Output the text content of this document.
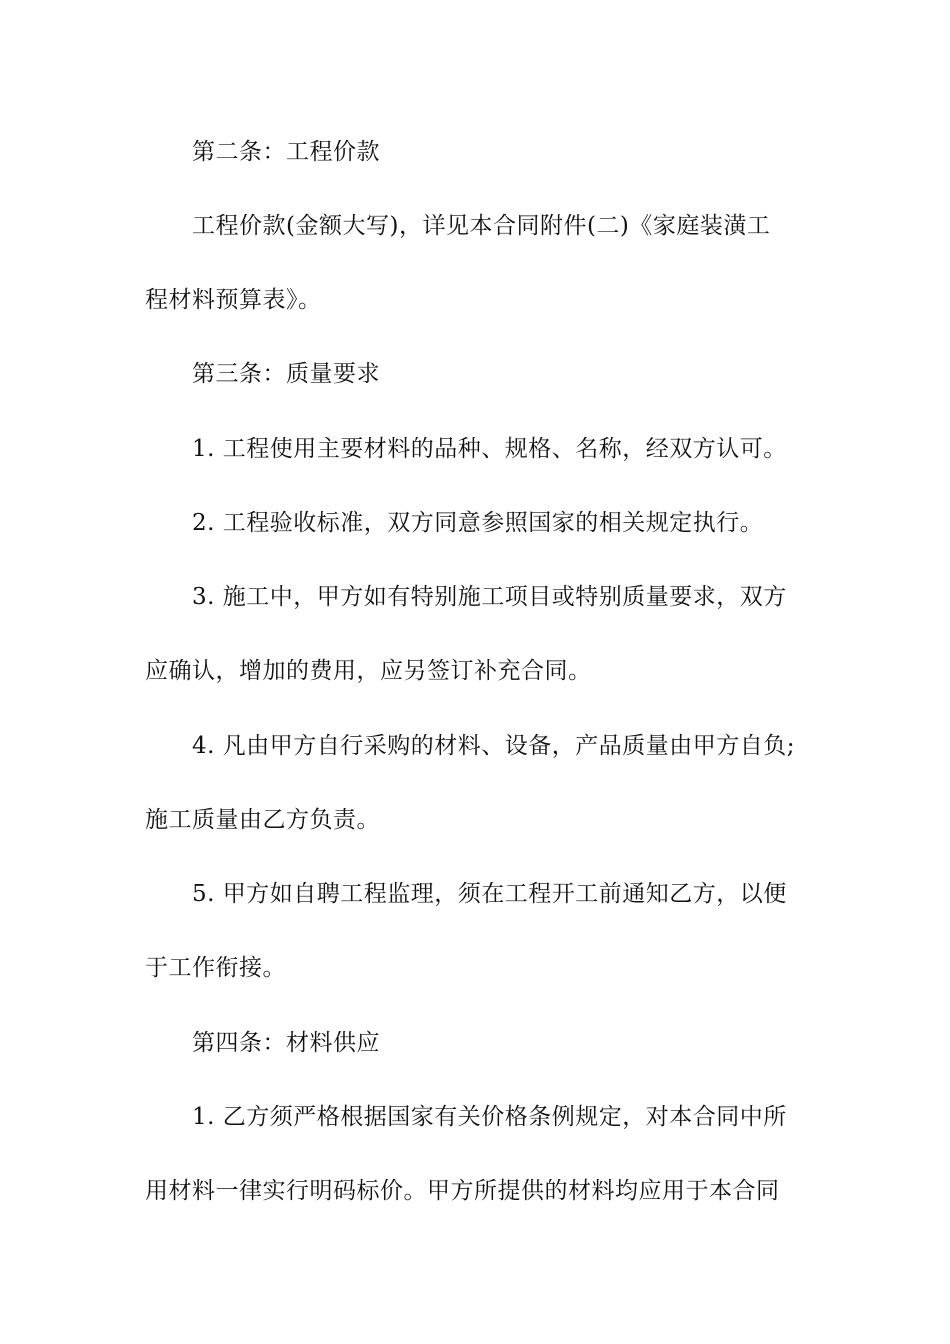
第二条：工程价款
工程价款(金额大写)，详见本合同附件(二)《家庭装潢工
程材料预算表》。
第三条：质量要求
1. 工程使用主要材料的品种、规格、名称，经双方认可。
2. 工程验收标准，双方同意参照国家的相关规定执行。
3. 施工中，甲方如有特别施工项目或特别质量要求，双方
应确认，增加的费用，应另签订补充合同。
4. 凡由甲方自行采购的材料、设备，产品质量由甲方自负;
施工质量由乙方负责。
5. 甲方如自聘工程监理，须在工程开工前通知乙方，以便
于工作衔接。
第四条：材料供应
1. 乙方须严格根据国家有关价格条例规定，对本合同中所
用材料一律实行明码标价。甲方所提供的材料均应用于本合同
